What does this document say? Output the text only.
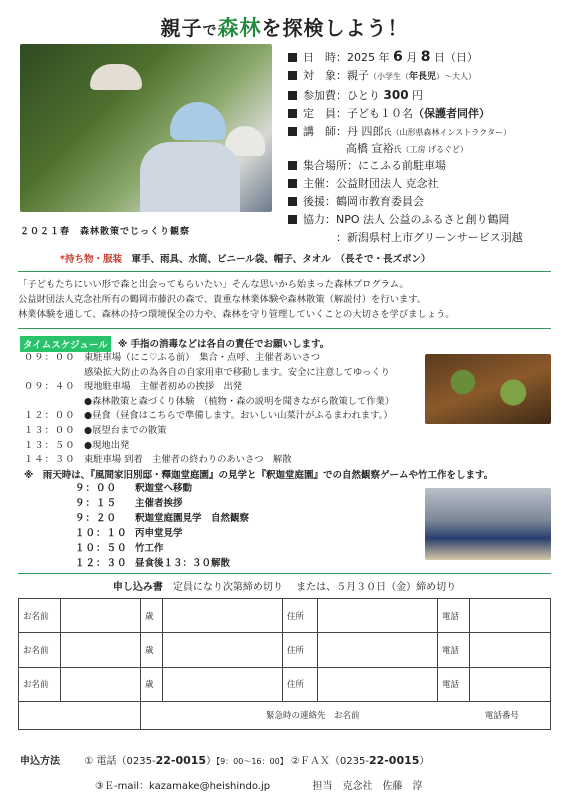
親子で森林を探検しよう！
２０２１春　森林散策でじっくり観察
日　時：2025 年 6 月 8 日（日）
対　象：親子（小学生（年長児）～大人）
参加費：ひとり 300 円
定　員：子ども１０名（保護者同伴）
講　師：丹 四郎氏（山形県森林インストラクター）
高橋 宣裕氏（工房 げるぐど）
集合場所：にこふる前駐車場
主催：公益財団法人 克念社
後援：鶴岡市教育委員会
協力：NPO 法人 公益のふるさと創り鶴岡
：新潟県村上市グリーンサービス羽越
*持ち物・服装　軍手、雨具、水筒、ビニール袋、帽子、タオル　（長そで・長ズボン）
「子どもたちにいい形で森と出会ってもらいたい」そんな思いから始まった森林プログラム。
公益財団法人克念社所有の鶴岡市藤沢の森で、貴重な林業体験や森林散策（解説付）を行います。
林業体験を通して、森林の持つ環境保全の力や、森林を守り管理していくことの大切さを学びましょう。
タイムスケジュール	※ 手指の消毒などは各自の責任でお願いします。
０９：００ 東駐車場（にこ♡ふる前）　集合・点呼、主催者あいさつ
感染拡大防止の為各自の自家用車で移動します。安全に注意してゆっくり
０９：４０ 現地駐車場　主催者初めの挨拶　出発
●森林散策と森づくり体験　（植物・森の説明を聞きながら散策して作業）
１２：００ ●昼食（昼食はこちらで準備します。おいしい山菜汁がふるまわれます。）
１３：００ ●展望台までの散策
１３：５０ ●現地出発
１４：３０ 東駐車場 到着　主催者の終わりのあいさつ　解散
※　雨天時は、『風間家旧別邸・釋迦堂庭園』の見学と『釈迦堂庭園』での自然観察ゲームや竹工作をします。
９：００ 釈迦堂へ移動
９：１５ 主催者挨拶
９：２０ 釈迦堂庭園見学　自然観察
１０：１０ 丙申堂見学
１０：５０ 竹工作
１２：３０ 昼食後１３：３０解散
申し込み書　定員になり次第締め切り　 または、５月３０日（金）締め切り
お名前		歳		住所		電話	
お名前		歳		住所		電話	
お名前		歳		住所		電話	
		緊急時の連絡先　お名前 電話番号					
申込方法 ① 電話（0235-22-0015）【9：00～16：00】 ②ＦＡＸ（0235-22-0015）
③Ｅ-mail：kazamake@heishindo.jp	担当　克念社　佐藤　淳
